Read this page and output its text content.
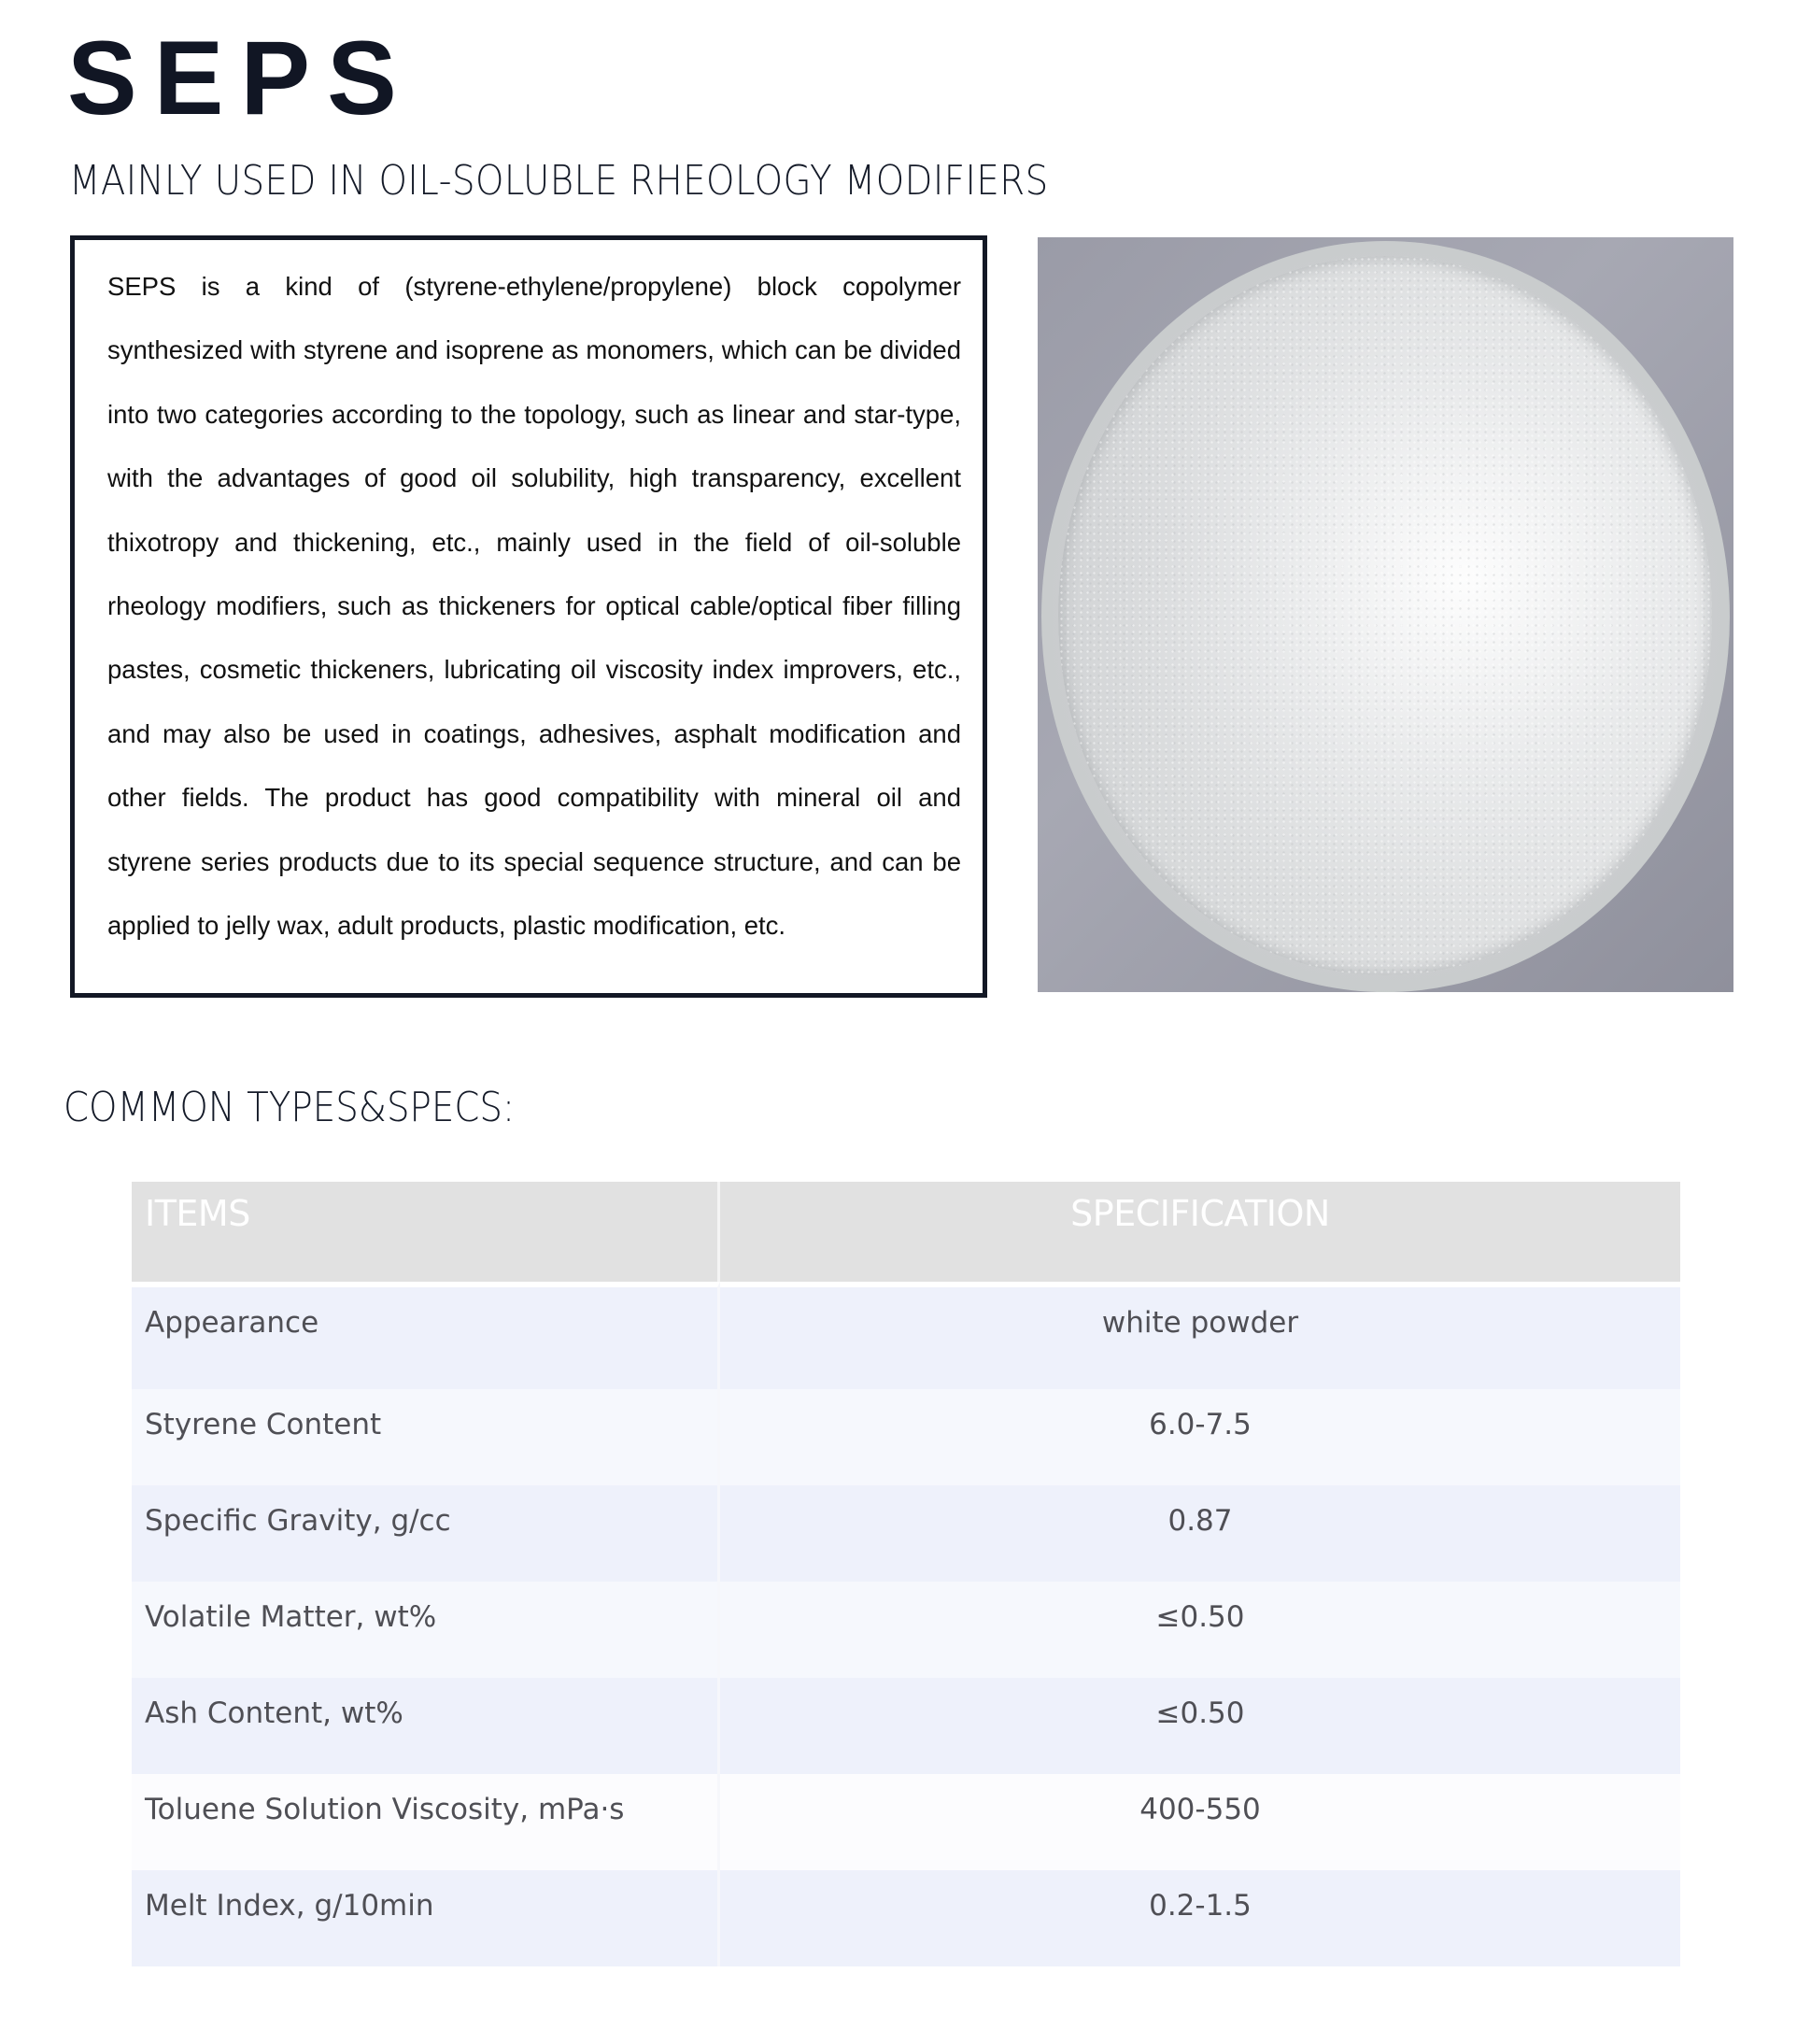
SEPS
MAINLY USED IN OIL-SOLUBLE RHEOLOGY MODIFIERS

SEPS is a kind of (styrene-ethylene/propylene) block copolymer synthesized with styrene and isoprene as monomers, which can be divided into two categories according to the topology, such as linear and star-type, with the advantages of good oil solubility, high transparency, excellent thixotropy and thickening, etc., mainly used in the field of oil-soluble rheology modifiers, such as thickeners for optical cable/optical fiber filling pastes, cosmetic thickeners, lubricating oil viscosity index improvers, etc., and may also be used in coatings, adhesives, asphalt modification and other fields. The product has good compatibility with mineral oil and styrene series products due to its special sequence structure, and can be applied to jelly wax, adult products, plastic modification, etc.

COMMON TYPES&SPECS:
ITEMS	SPECIFICATION
Appearance	white powder
Styrene Content	6.0-7.5
Specific Gravity, g/cc	0.87
Volatile Matter, wt%	≤0.50
Ash Content, wt%	≤0.50
Toluene Solution Viscosity, mPa·s	400-550
Melt Index, g/10min	0.2-1.5
